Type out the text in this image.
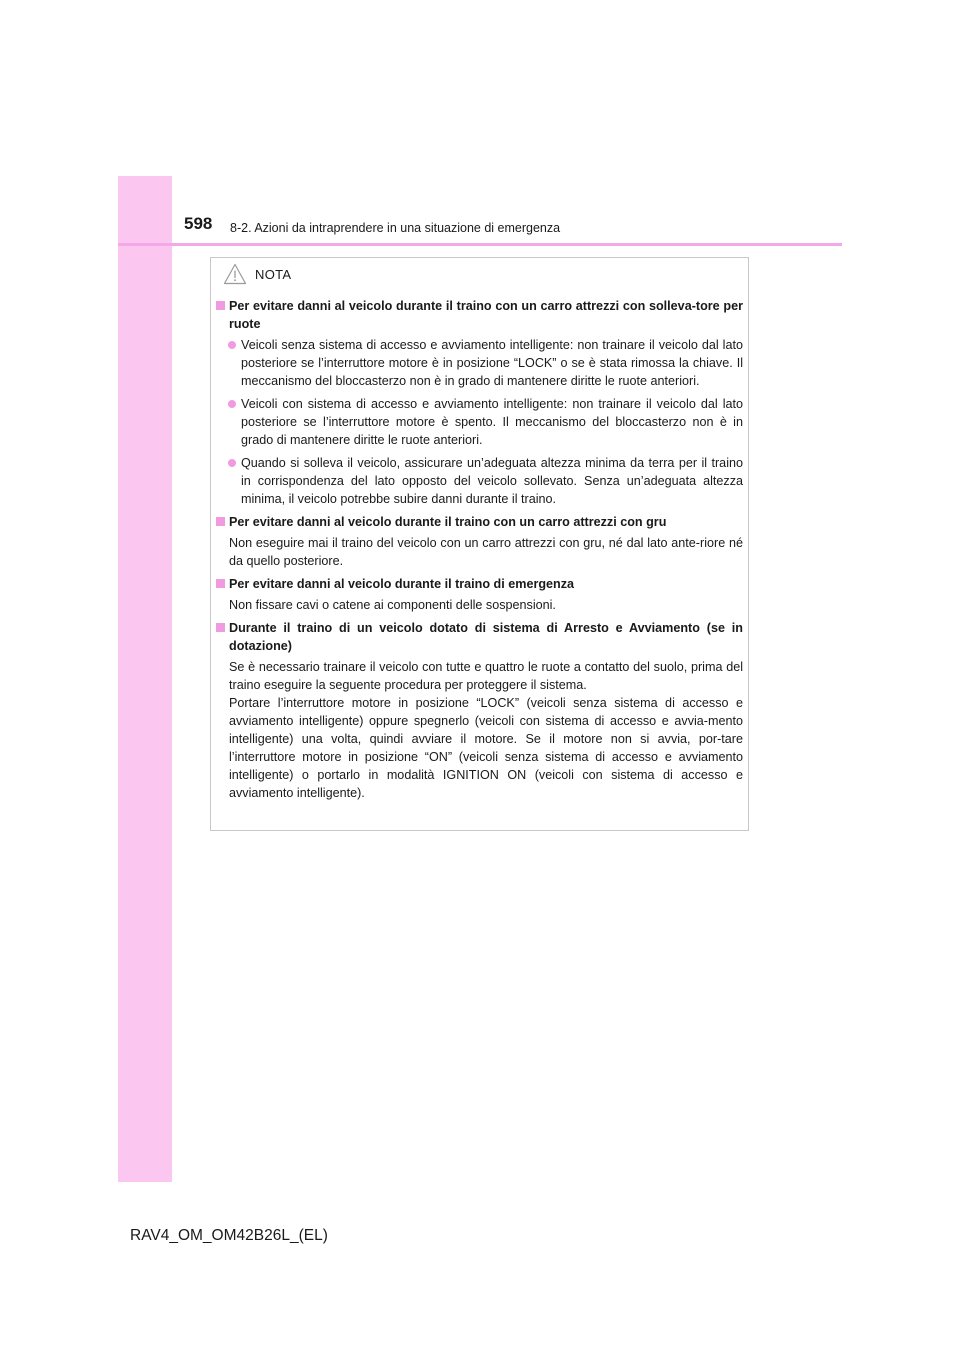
598 8-2. Azioni da intraprendere in una situazione di emergenza
NOTA
Per evitare danni al veicolo durante il traino con un carro attrezzi con solleva-tore per ruote
Veicoli senza sistema di accesso e avviamento intelligente: non trainare il veicolo dal lato posteriore se l’interruttore motore è in posizione “LOCK” o se è stata rimossa la chiave. Il meccanismo del bloccasterzo non è in grado di mantenere diritte le ruote anteriori.
Veicoli con sistema di accesso e avviamento intelligente: non trainare il veicolo dal lato posteriore se l’interruttore motore è spento. Il meccanismo del bloccasterzo non è in grado di mantenere diritte le ruote anteriori.
Quando si solleva il veicolo, assicurare un’adeguata altezza minima da terra per il traino in corrispondenza del lato opposto del veicolo sollevato. Senza un’adeguata altezza minima, il veicolo potrebbe subire danni durante il traino.
Per evitare danni al veicolo durante il traino con un carro attrezzi con gru
Non eseguire mai il traino del veicolo con un carro attrezzi con gru, né dal lato ante-riore né da quello posteriore.
Per evitare danni al veicolo durante il traino di emergenza
Non fissare cavi o catene ai componenti delle sospensioni.
Durante il traino di un veicolo dotato di sistema di Arresto e Avviamento (se in dotazione)
Se è necessario trainare il veicolo con tutte e quattro le ruote a contatto del suolo, prima del traino eseguire la seguente procedura per proteggere il sistema.
Portare l’interruttore motore in posizione “LOCK” (veicoli senza sistema di accesso e avviamento intelligente) oppure spegnerlo (veicoli con sistema di accesso e avvia-mento intelligente) una volta, quindi avviare il motore. Se il motore non si avvia, por-tare l’interruttore motore in posizione “ON” (veicoli senza sistema di accesso e avviamento intelligente) o portarlo in modalità IGNITION ON (veicoli con sistema di accesso e avviamento intelligente).
RAV4_OM_OM42B26L_(EL)
